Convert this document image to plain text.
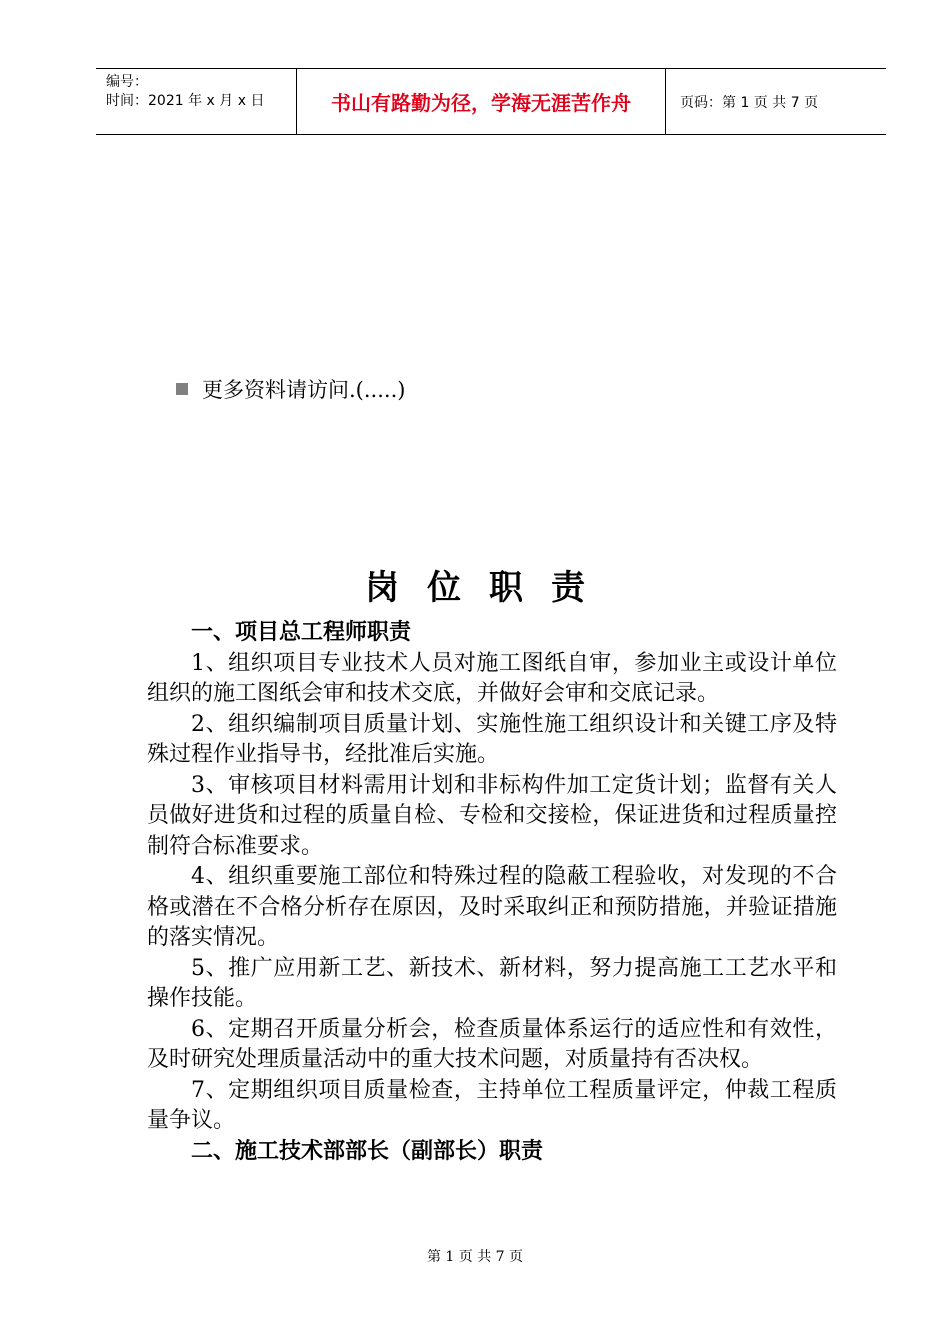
编号：
时间：2021 年 x 月 x 日	书山有路勤为径，学海无涯苦作舟	页码：第 1 页 共 7 页
更多资料请访问.(.....)
岗位职责

一、项目总工程师职责

1、组织项目专业技术人员对施工图纸自审，参加业主或设计单位组织的施工图纸会审和技术交底，并做好会审和交底记录。

2、组织编制项目质量计划、实施性施工组织设计和关键工序及特殊过程作业指导书，经批准后实施。

3、审核项目材料需用计划和非标构件加工定货计划；监督有关人员做好进货和过程的质量自检、专检和交接检，保证进货和过程质量控制符合标准要求。

4、组织重要施工部位和特殊过程的隐蔽工程验收，对发现的不合格或潜在不合格分析存在原因，及时采取纠正和预防措施，并验证措施的落实情况。

5、推广应用新工艺、新技术、新材料，努力提高施工工艺水平和操作技能。

6、定期召开质量分析会，检查质量体系运行的适应性和有效性，及时研究处理质量活动中的重大技术问题，对质量持有否决权。

7、定期组织项目质量检查，主持单位工程质量评定，仲裁工程质量争议。

二、施工技术部部长（副部长）职责

第 1 页 共 7 页
